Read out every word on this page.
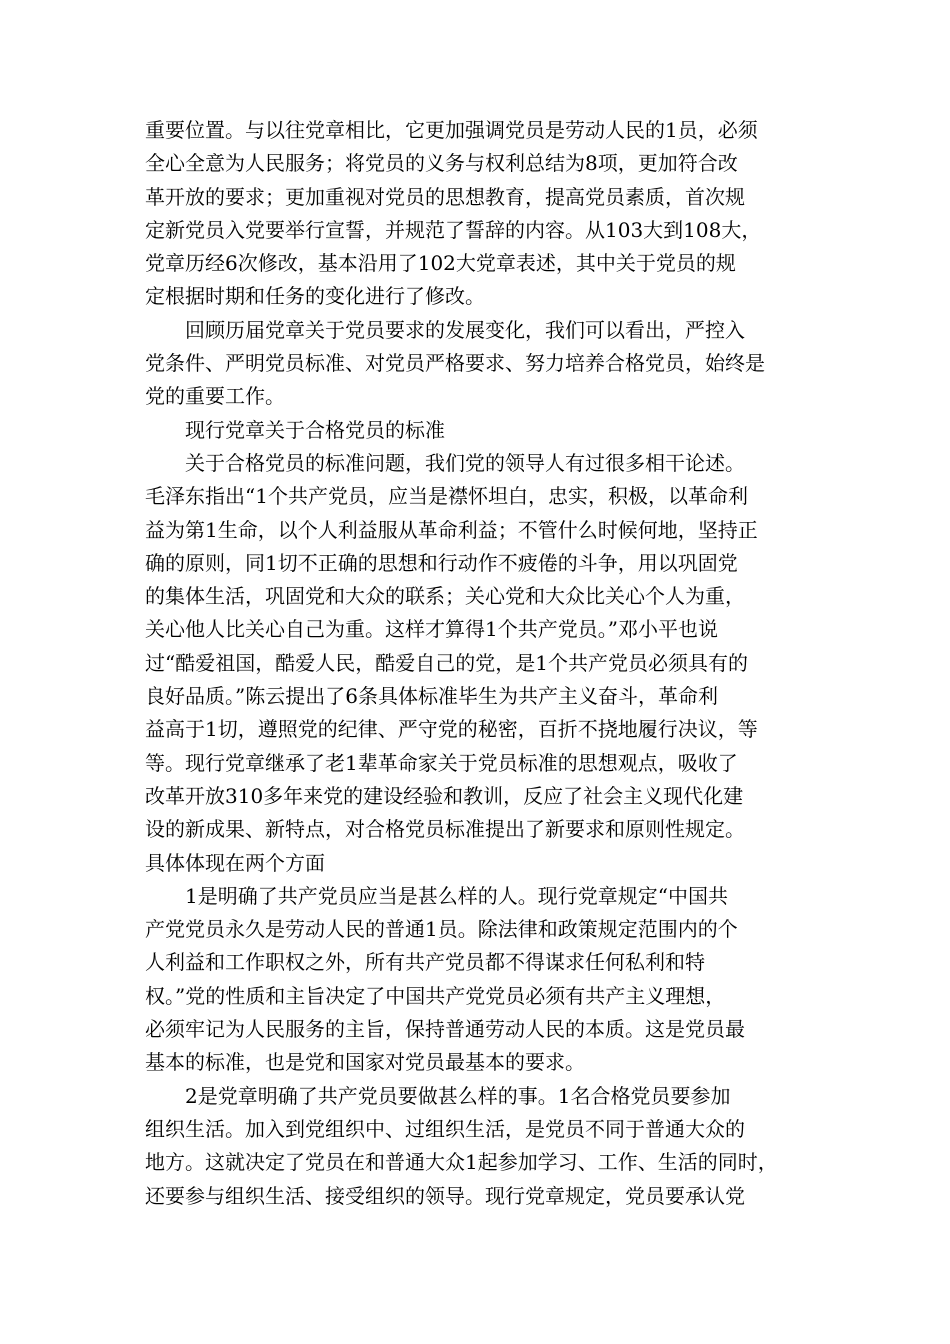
重要位置。与以往党章相比，它更加强调党员是劳动人民的1员，必须
全心全意为人民服务；将党员的义务与权利总结为8项，更加符合改
革开放的要求；更加重视对党员的思想教育，提高党员素质，首次规
定新党员入党要举行宣誓，并规范了誓辞的内容。从103大到108大，
党章历经6次修改，基本沿用了102大党章表述，其中关于党员的规
定根据时期和任务的变化进行了修改。
回顾历届党章关于党员要求的发展变化，我们可以看出，严控入
党条件、严明党员标准、对党员严格要求、努力培养合格党员，始终是
党的重要工作。
现行党章关于合格党员的标准
关于合格党员的标准问题，我们党的领导人有过很多相干论述。
毛泽东指出“1个共产党员，应当是襟怀坦白，忠实，积极，以革命利
益为第1生命，以个人利益服从革命利益；不管什么时候何地，坚持正
确的原则，同1切不正确的思想和行动作不疲倦的斗争，用以巩固党
的集体生活，巩固党和大众的联系；关心党和大众比关心个人为重，
关心他人比关心自己为重。这样才算得1个共产党员。”邓小平也说
过“酷爱祖国，酷爱人民，酷爱自己的党，是1个共产党员必须具有的
良好品质。”陈云提出了6条具体标准毕生为共产主义奋斗，革命利
益高于1切，遵照党的纪律、严守党的秘密，百折不挠地履行决议，等
等。现行党章继承了老1辈革命家关于党员标准的思想观点，吸收了
改革开放310多年来党的建设经验和教训，反应了社会主义现代化建
设的新成果、新特点，对合格党员标准提出了新要求和原则性规定。
具体体现在两个方面
1是明确了共产党员应当是甚么样的人。现行党章规定“中国共
产党党员永久是劳动人民的普通1员。除法律和政策规定范围内的个
人利益和工作职权之外，所有共产党员都不得谋求任何私利和特
权。”党的性质和主旨决定了中国共产党党员必须有共产主义理想，
必须牢记为人民服务的主旨，保持普通劳动人民的本质。这是党员最
基本的标准，也是党和国家对党员最基本的要求。
2是党章明确了共产党员要做甚么样的事。1名合格党员要参加
组织生活。加入到党组织中、过组织生活，是党员不同于普通大众的
地方。这就决定了党员在和普通大众1起参加学习、工作、生活的同时，
还要参与组织生活、接受组织的领导。现行党章规定，党员要承认党
